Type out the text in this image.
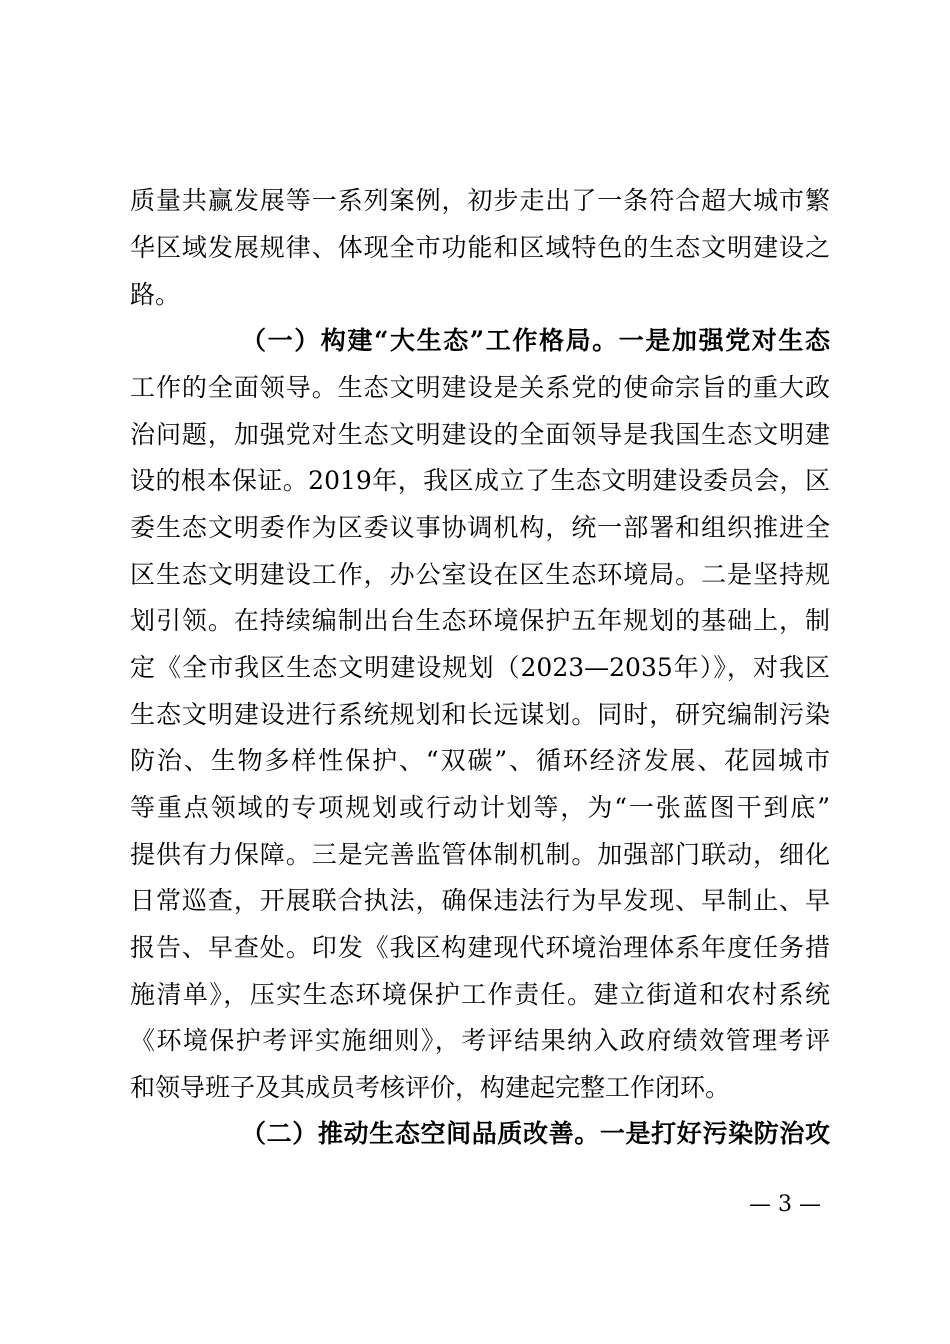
质量共赢发展等一系列案例，初步走出了一条符合超大城市繁
华区域发展规律、体现全市功能和区域特色的生态文明建设之
路。
（一）构建“大生态”工作格局。一是加强党对生态
工作的全面领导。生态文明建设是关系党的使命宗旨的重大政
治问题，加强党对生态文明建设的全面领导是我国生态文明建
设的根本保证。2019年，我区成立了生态文明建设委员会，区
委生态文明委作为区委议事协调机构，统一部署和组织推进全
区生态文明建设工作，办公室设在区生态环境局。二是坚持规
划引领。在持续编制出台生态环境保护五年规划的基础上，制
定《全市我区生态文明建设规划（2023—2035年）》，对我区
生态文明建设进行系统规划和长远谋划。同时，研究编制污染
防治、生物多样性保护、“双碳”、循环经济发展、花园城市
等重点领域的专项规划或行动计划等，为“一张蓝图干到底”
提供有力保障。三是完善监管体制机制。加强部门联动，细化
日常巡查，开展联合执法，确保违法行为早发现、早制止、早
报告、早查处。印发《我区构建现代环境治理体系年度任务措
施清单》，压实生态环境保护工作责任。建立街道和农村系统
《环境保护考评实施细则》，考评结果纳入政府绩效管理考评
和领导班子及其成员考核评价，构建起完整工作闭环。
（二）推动生态空间品质改善。一是打好污染防治攻
— 3 —
